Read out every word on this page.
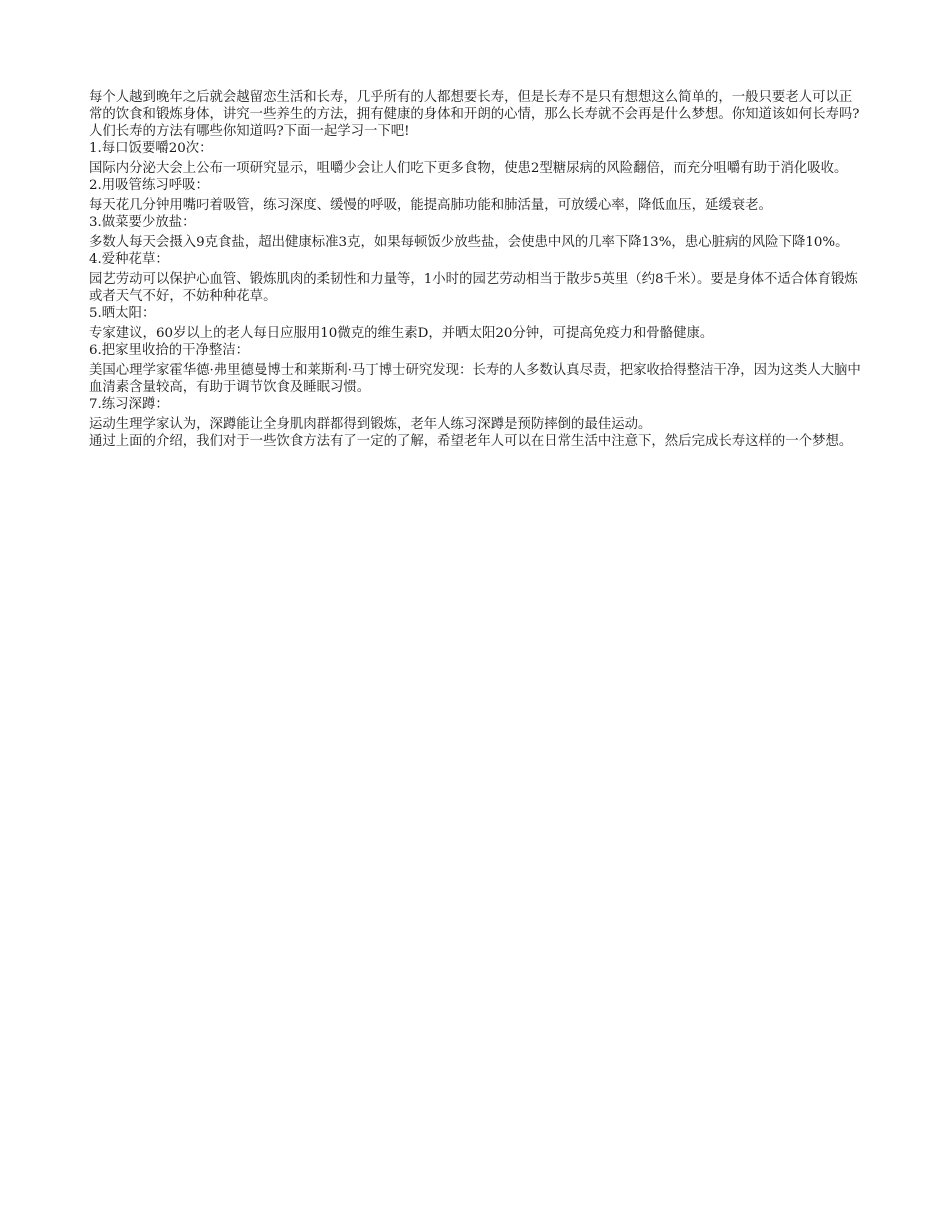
每个人越到晚年之后就会越留恋生活和长寿，几乎所有的人都想要长寿，但是长寿不是只有想想这么简单的，一般只要老人可以正常的饮食和锻炼身体，讲究一些养生的方法，拥有健康的身体和开朗的心情，那么长寿就不会再是什么梦想。你知道该如何长寿吗?人们长寿的方法有哪些你知道吗?下面一起学习一下吧!

1.每口饭要嚼20次：

国际内分泌大会上公布一项研究显示，咀嚼少会让人们吃下更多食物，使患2型糖尿病的风险翻倍，而充分咀嚼有助于消化吸收。

2.用吸管练习呼吸：

每天花几分钟用嘴叼着吸管，练习深度、缓慢的呼吸，能提高肺功能和肺活量，可放缓心率，降低血压，延缓衰老。

3.做菜要少放盐：

多数人每天会摄入9克食盐，超出健康标准3克，如果每顿饭少放些盐，会使患中风的几率下降13%，患心脏病的风险下降10%。

4.爱种花草：

园艺劳动可以保护心血管、锻炼肌肉的柔韧性和力量等，1小时的园艺劳动相当于散步5英里（约8千米）。要是身体不适合体育锻炼或者天气不好，不妨种种花草。

5.晒太阳：

专家建议，60岁以上的老人每日应服用10微克的维生素D，并晒太阳20分钟，可提高免疫力和骨骼健康。

6.把家里收拾的干净整洁：

美国心理学家霍华德·弗里德曼博士和莱斯利·马丁博士研究发现：长寿的人多数认真尽责，把家收拾得整洁干净，因为这类人大脑中血清素含量较高，有助于调节饮食及睡眠习惯。

7.练习深蹲：

运动生理学家认为，深蹲能让全身肌肉群都得到锻炼，老年人练习深蹲是预防摔倒的最佳运动。

通过上面的介绍，我们对于一些饮食方法有了一定的了解，希望老年人可以在日常生活中注意下，然后完成长寿这样的一个梦想。
